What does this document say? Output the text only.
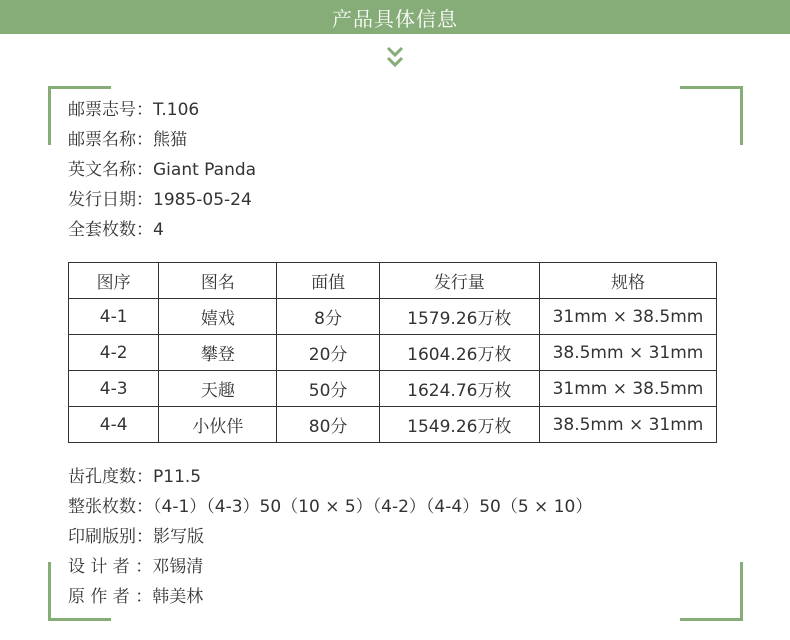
产品具体信息
邮票志号：T.106
邮票名称：熊猫
英文名称：Giant Panda
发行日期：1985-05-24
全套枚数：4
图序	图名	面值	发行量	规格
4-1	嬉戏	8分	1579.26万枚	31mm × 38.5mm
4-2	攀登	20分	1604.26万枚	38.5mm × 31mm
4-3	天趣	50分	1624.76万枚	31mm × 38.5mm
4-4	小伙伴	80分	1549.26万枚	38.5mm × 31mm
齿孔度数：P11.5
整张枚数：（4-1）（4-3）50（10 × 5）（4-2）（4-4）50（5 × 10）
印刷版别：影写版
设 计 者 ：邓锡清
原 作 者 ：韩美林
